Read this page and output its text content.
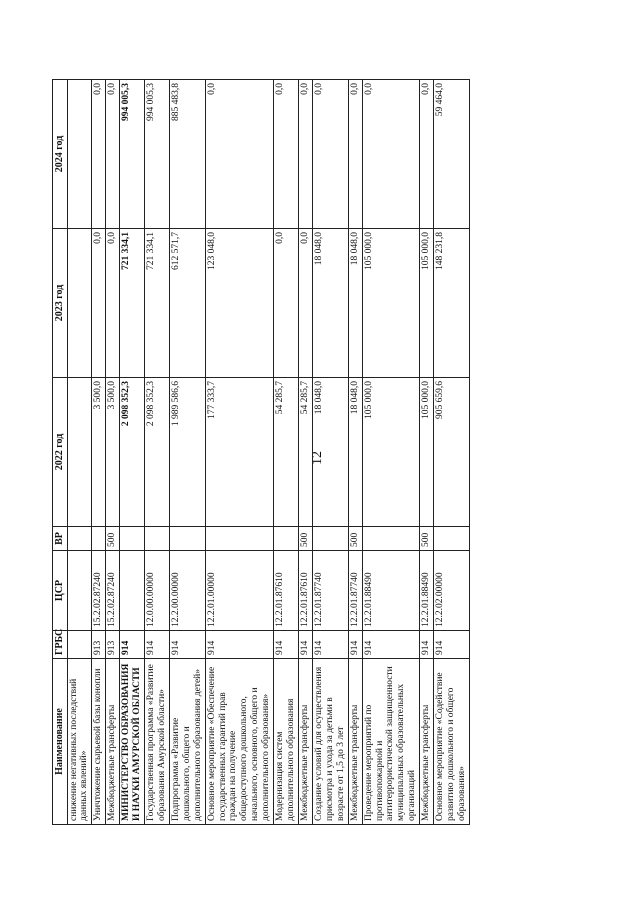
12
Наименование	ГРБС	ЦСР	ВР	2022 год	2023 год	2024 год
снижение негативных последствий данных явлений»						
Уничтожение сырьевой базы конопли	913	15.2.02.87240		3 500,0	0,0	0,0
Межбюджетные трансферты	913	15.2.02.87240	500	3 500,0	0,0	0,0
МИНИСТЕРСТВО ОБРАЗОВАНИЯ И НАУКИ АМУРСКОЙ ОБЛАСТИ	914			2 098 352,3	721 334,1	994 005,3
Государственная программа «Развитие образования Амурской области»	914	12.0.00.00000		2 098 352,3	721 334,1	994 005,3
Подпрограмма «Развитие дошкольного, общего и дополнительного образования детей»	914	12.2.00.00000		1 989 586,6	612 571,7	885 483,8
Основное мероприятие «Обеспечение государственных гарантий прав граждан на получение общедоступного дошкольного, начального, основного, общего и дополнительного образования»	914	12.2.01.00000		177 333,7	123 048,0	0,0
Модернизация систем дополнительного образования	914	12.2.01.87610		54 285,7	0,0	0,0
Межбюджетные трансферты	914	12.2.01.87610	500	54 285,7	0,0	0,0
Создание условий для осуществления присмотра и ухода за детьми в возрасте от 1,5 до 3 лет	914	12.2.01.87740		18 048,0	18 048,0	0,0
Межбюджетные трансферты	914	12.2.01.87740	500	18 048,0	18 048,0	0,0
Проведение мероприятий по противопожарной и антитеррористической защищенности муниципальных образовательных организаций	914	12.2.01.88490		105 000,0	105 000,0	0,0
Межбюджетные трансферты	914	12.2.01.88490	500	105 000,0	105 000,0	0,0
Основное мероприятие «Содействие развитию дошкольного и общего образования»	914	12.2.02.00000		905 659,6	148 231,8	59 464,0
